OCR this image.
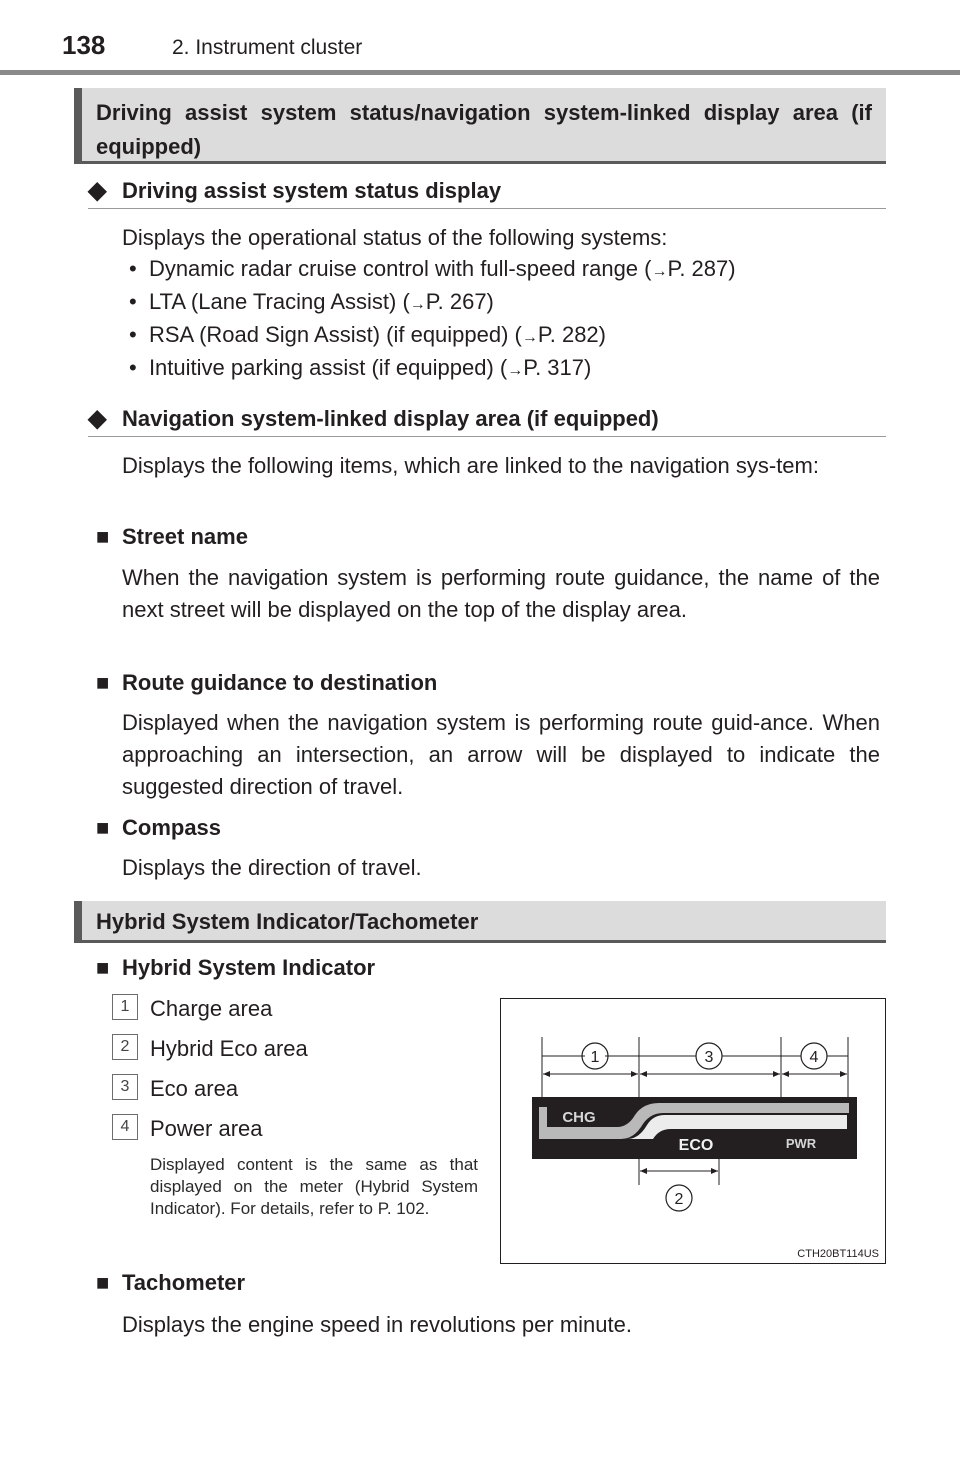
138	2. Instrument cluster
Driving assist system status/navigation system-linked display area (if equipped)
◆ Driving assist system status display
Displays the operational status of the following systems:
•  Dynamic radar cruise control with full-speed range (→P. 287)
•  LTA (Lane Tracing Assist) (→P. 267)
•  RSA (Road Sign Assist) (if equipped) (→P. 282)
•  Intuitive parking assist (if equipped) (→P. 317)
◆ Navigation system-linked display area (if equipped)
Displays the following items, which are linked to the navigation sys-tem:
■ Street name
When the navigation system is performing route guidance, the name of the next street will be displayed on the top of the display area.
■ Route guidance to destination
Displayed when the navigation system is performing route guid-ance. When approaching an intersection, an arrow will be displayed to indicate the suggested direction of travel.
■ Compass
Displays the direction of travel.
Hybrid System Indicator/Tachometer
■ Hybrid System Indicator
1 Charge area
2 Hybrid Eco area
3 Eco area
4 Power area
Displayed content is the same as that displayed on the meter (Hybrid System Indicator). For details, refer to P. 102.
1	3	4
2
CHG
ECO	PWR
CTH20BT114US
■ Tachometer
Displays the engine speed in revolutions per minute.
